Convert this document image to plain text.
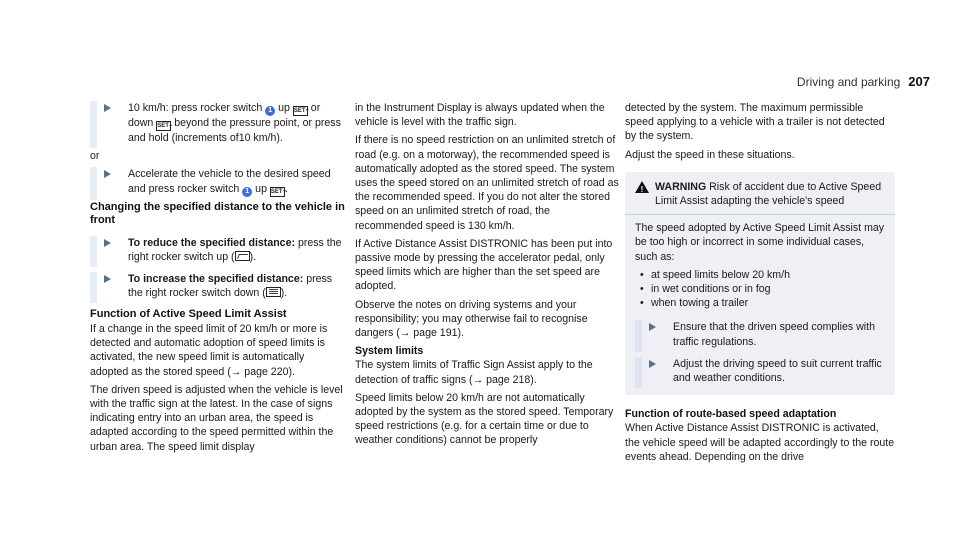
Driving and parking 207
10 km/h: press rocker switch 1 up SET+ or down SET– beyond the pressure point, or press and hold (increments of10 km/h).
or
Accelerate the vehicle to the desired speed and press rocker switch 1 up SET+.
Changing the specified distance to the vehicle in front
To reduce the specified distance: press the right rocker switch up ( ).
To increase the specified distance: press the right rocker switch down ( ).
Function of Active Speed Limit Assist

If a change in the speed limit of 20 km/h or more is detected and automatic adoption of speed limits is activated, the new speed limit is automatically adopted as the stored speed (→ page 220).

The driven speed is adjusted when the vehicle is level with the traffic sign at the latest. In the case of signs indicating entry into an urban area, the speed is adapted according to the speed permitted within the urban area. The speed limit display

in the Instrument Display is always updated when the vehicle is level with the traffic sign.

If there is no speed restriction on an unlimited stretch of road (e.g. on a motorway), the recommended speed is automatically adopted as the stored speed. The system uses the speed stored on an unlimited stretch of road as the recommended speed. If you do not alter the stored speed on an unlimited stretch of road, the recommended speed is 130 km/h.

If Active Distance Assist DISTRONIC has been put into passive mode by pressing the accelerator pedal, only speed limits which are higher than the set speed are adopted.

Observe the notes on driving systems and your responsibility; you may otherwise fail to recognise dangers (→ page 191).

System limits

The system limits of Traffic Sign Assist apply to the detection of traffic signs (→ page 218).

Speed limits below 20 km/h are not automatically adopted by the system as the stored speed. Temporary speed restrictions (e.g. for a certain time or due to weather conditions) cannot be properly

detected by the system. The maximum permissible speed applying to a vehicle with a trailer is not detected by the system.

Adjust the speed in these situations.

!
WARNING Risk of accident due to Active Speed Limit Assist adapting the vehicle's speed

The speed adopted by Active Speed Limit Assist may be too high or incorrect in some individual cases, such as:

• at speed limits below 20 km/h
• in wet conditions or in fog
• when towing a trailer
Ensure that the driven speed complies with traffic regulations.
Adjust the driving speed to suit current traffic and weather conditions.
Function of route-based speed adaptation

When Active Distance Assist DISTRONIC is activated, the vehicle speed will be adapted accordingly to the route events ahead. Depending on the drive
